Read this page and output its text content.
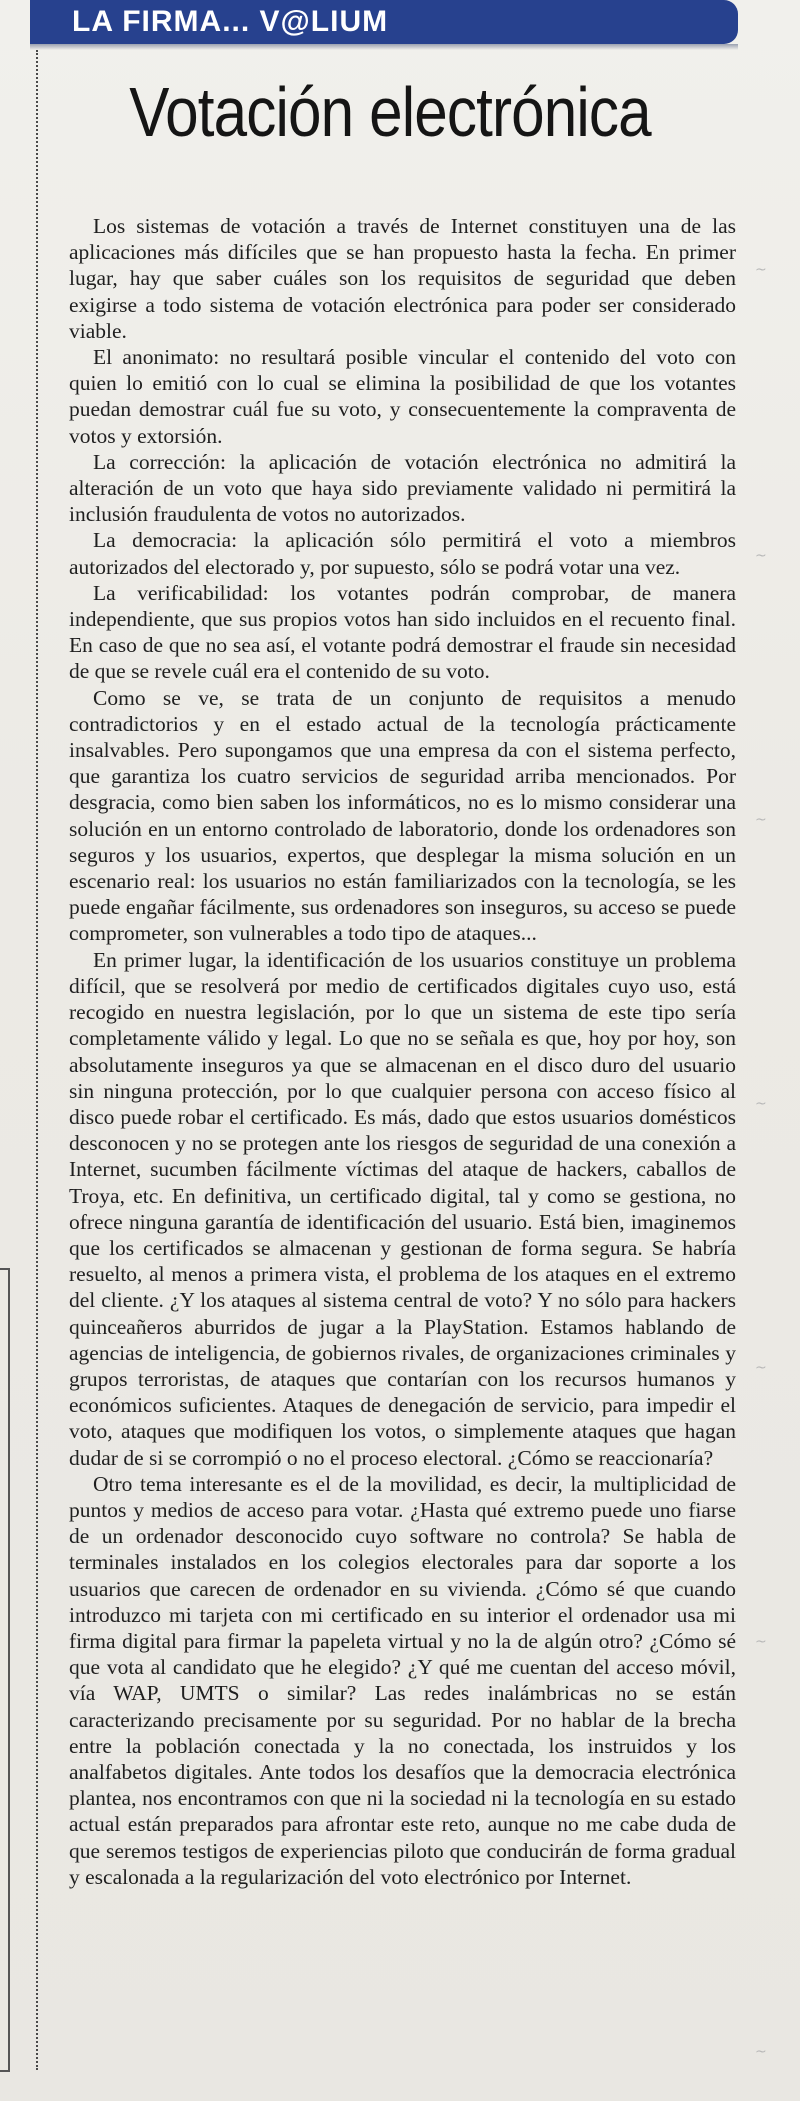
LA FIRMA... V@LIUM
Votación electrónica

Los sistemas de votación a través de Internet constituyen una de las aplicaciones más difíciles que se han propuesto hasta la fecha. En primer lugar, hay que saber cuáles son los requisitos de seguridad que deben exigirse a todo sistema de votación electrónica para poder ser considerado viable.

El anonimato: no resultará posible vincular el contenido del voto con quien lo emitió con lo cual se elimina la posibilidad de que los votantes puedan demostrar cuál fue su voto, y consecuentemente la compraventa de votos y extorsión.

La corrección: la aplicación de votación electrónica no admitirá la alteración de un voto que haya sido previamente validado ni permitirá la inclusión fraudulenta de votos no autorizados.

La democracia: la aplicación sólo permitirá el voto a miembros autorizados del electorado y, por supuesto, sólo se podrá votar una vez.

La verificabilidad: los votantes podrán comprobar, de manera independiente, que sus propios votos han sido incluidos en el recuento final. En caso de que no sea así, el votante podrá demostrar el fraude sin necesidad de que se revele cuál era el contenido de su voto.

Como se ve, se trata de un conjunto de requisitos a menudo contradictorios y en el estado actual de la tecnología prácticamente insalvables. Pero supongamos que una empresa da con el sistema perfecto, que garantiza los cuatro servicios de seguridad arriba mencionados. Por desgracia, como bien saben los informáticos, no es lo mismo considerar una solución en un entorno controlado de laboratorio, donde los ordenadores son seguros y los usuarios, expertos, que desplegar la misma solución en un escenario real: los usuarios no están familiarizados con la tecnología, se les puede engañar fácilmente, sus ordenadores son inseguros, su acceso se puede comprometer, son vulnerables a todo tipo de ataques...

En primer lugar, la identificación de los usuarios constituye un problema difícil, que se resolverá por medio de certificados digitales cuyo uso, está recogido en nuestra legislación, por lo que un sistema de este tipo sería completamente válido y legal. Lo que no se señala es que, hoy por hoy, son absolutamente inseguros ya que se almacenan en el disco duro del usuario sin ninguna protección, por lo que cualquier persona con acceso físico al disco puede robar el certificado. Es más, dado que estos usuarios domésticos desconocen y no se protegen ante los riesgos de seguridad de una conexión a Internet, sucumben fácilmente víctimas del ataque de hackers, caballos de Troya, etc. En definitiva, un certificado digital, tal y como se gestiona, no ofrece ninguna garantía de identificación del usuario. Está bien, imaginemos que los certificados se almacenan y gestionan de forma segura. Se habría resuelto, al menos a primera vista, el problema de los ataques en el extremo del cliente. ¿Y los ataques al sistema central de voto? Y no sólo para hackers quinceañeros aburridos de jugar a la PlayStation. Estamos hablando de agencias de inteligencia, de gobiernos rivales, de organizaciones criminales y grupos terroristas, de ataques que contarían con los recursos humanos y económicos suficientes. Ataques de denegación de servicio, para impedir el voto, ataques que modifiquen los votos, o simplemente ataques que hagan dudar de si se corrompió o no el proceso electoral. ¿Cómo se reaccionaría?

Otro tema interesante es el de la movilidad, es decir, la multiplicidad de puntos y medios de acceso para votar. ¿Hasta qué extremo puede uno fiarse de un ordenador desconocido cuyo software no controla? Se habla de terminales instalados en los colegios electorales para dar soporte a los usuarios que carecen de ordenador en su vivienda. ¿Cómo sé que cuando introduzco mi tarjeta con mi certificado en su interior el ordenador usa mi firma digital para firmar la papeleta virtual y no la de algún otro? ¿Cómo sé que vota al candidato que he elegido? ¿Y qué me cuentan del acceso móvil, vía WAP, UMTS o similar? Las redes inalámbricas no se están caracterizando precisamente por su seguridad. Por no hablar de la brecha entre la población conectada y la no conectada, los instruidos y los analfabetos digitales. Ante todos los desafíos que la democracia electrónica plantea, nos encontramos con que ni la sociedad ni la tecnología en su estado actual están preparados para afrontar este reto, aunque no me cabe duda de que seremos testigos de experiencias piloto que conducirán de forma gradual y escalonada a la regularización del voto electrónico por Internet.

~
~
~
~
~
~
~
